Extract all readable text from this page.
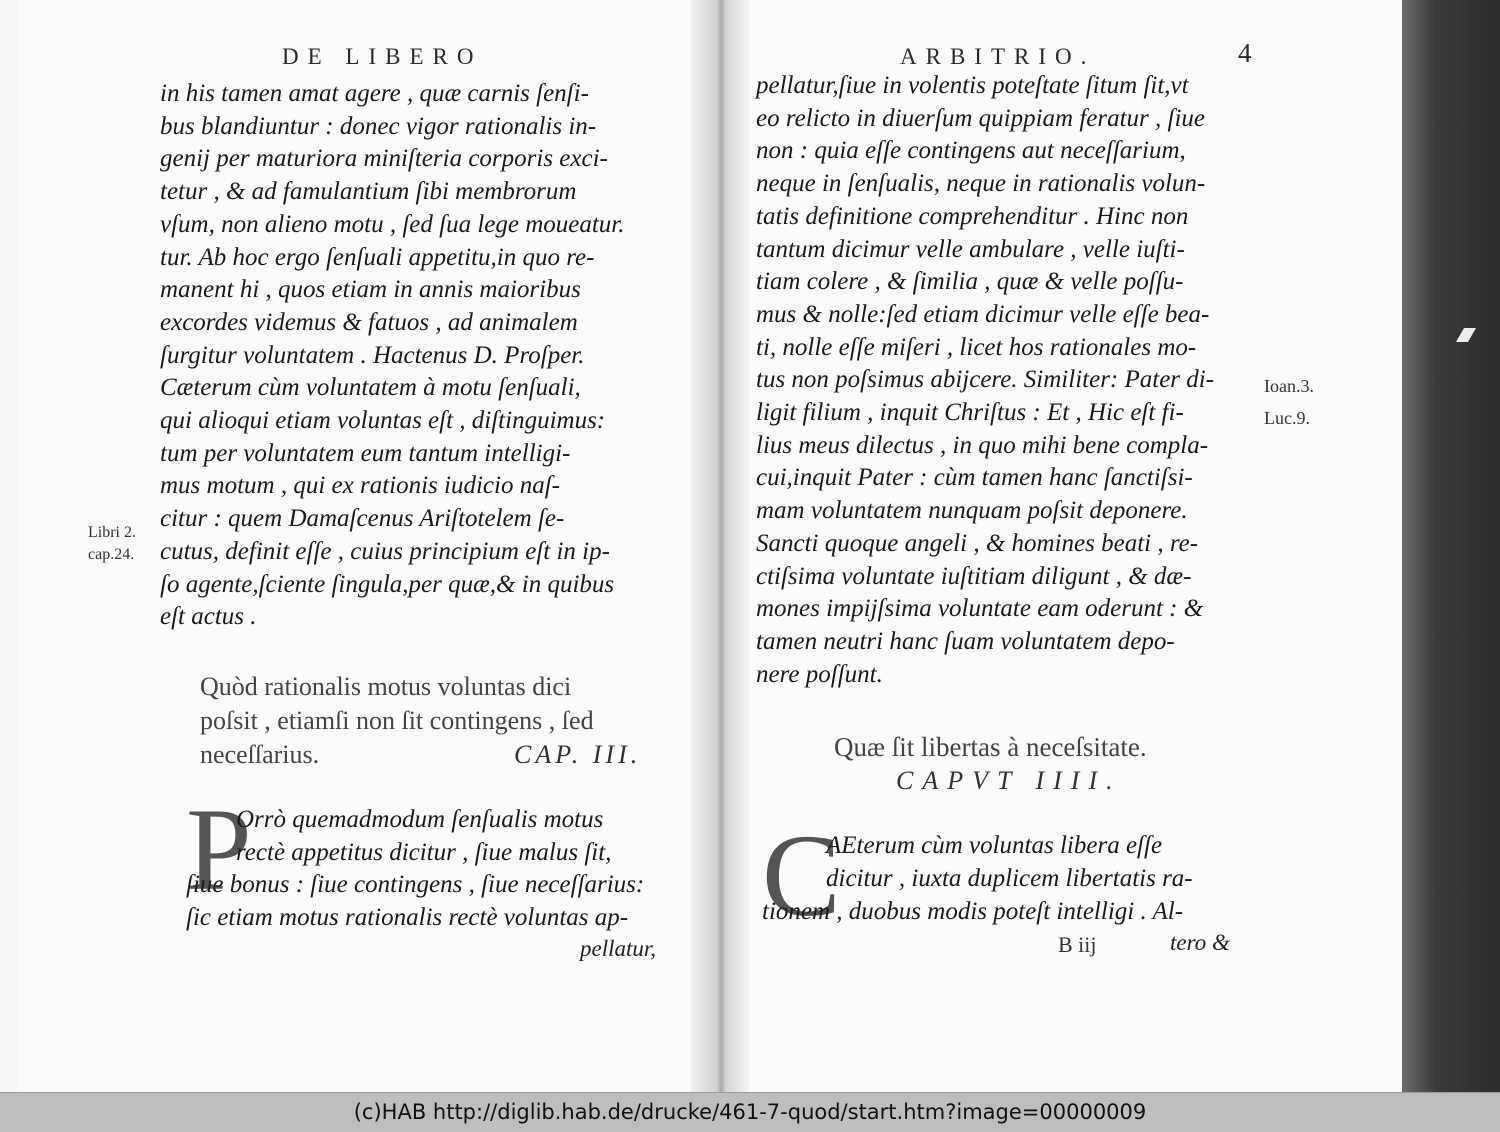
DE LIBERO
in his tamen amat agere , quæ carnis ſenſi-
bus blandiuntur : donec vigor rationalis in-
genij per maturiora miniſteria corporis exci-
tetur , & ad famulantium ſibi membrorum
vſum, non alieno motu , ſed ſua lege moueatur.
tur. Ab hoc ergo ſenſuali appetitu,in quo re-
manent hi , quos etiam in annis maioribus
excordes videmus & fatuos , ad animalem
ſurgitur voluntatem . Hactenus D. Proſper.
Cæterum cùm voluntatem à motu ſenſuali,
qui alioqui etiam voluntas eſt , diſtinguimus:
tum per voluntatem eum tantum intelligi-
mus motum , qui ex rationis iudicio naſ-
citur : quem Damaſcenus Ariſtotelem ſe-
cutus, definit eſſe , cuius principium eſt in ip-
ſo agente,ſciente ſingula,per quæ,& in quibus
eſt actus .
Libri 2.
cap.24.
Quòd rationalis motus voluntas dici
poſsit , etiamſi non ſit contingens , ſed
neceſſarius.	CAP. III.
P
Orrò quemadmodum ſenſualis motus
rectè appetitus dicitur , ſiue malus ſit,
ſiue bonus : ſiue contingens , ſiue neceſſarius:
ſic etiam motus rationalis rectè voluntas ap-
pellatur,
ARBITRIO.	4
pellatur,ſiue in volentis poteſtate ſitum ſit,vt
eo relicto in diuerſum quippiam feratur , ſiue
non : quia eſſe contingens aut neceſſarium,
neque in ſenſualis, neque in rationalis volun-
tatis definitione comprehenditur . Hinc non
tantum dicimur velle ambulare , velle iuſti-
tiam colere , & ſimilia , quæ & velle poſſu-
mus & nolle:ſed etiam dicimur velle eſſe bea-
ti, nolle eſſe miſeri , licet hos rationales mo-
tus non poſsimus abijcere. Similiter: Pater di-
ligit filium , inquit Chriſtus : Et , Hic eſt fi-
lius meus dilectus , in quo mihi bene compla-
cui,inquit Pater : cùm tamen hanc ſanctiſsi-
mam voluntatem nunquam poſsit deponere.
Sancti quoque angeli , & homines beati , re-
ctiſsima voluntate iuſtitiam diligunt , & dæ-
mones impijſsima voluntate eam oderunt : &
tamen neutri hanc ſuam voluntatem depo-
nere poſſunt.
Ioan.3.
Luc.9.
Quæ ſit libertas à neceſsitate.
CAPVT IIII.
C
AEterum cùm voluntas libera eſſe
dicitur , iuxta duplicem libertatis ra-
tionem , duobus modis poteſt intelligi . Al-
B iij	tero &
(c)HAB http://diglib.hab.de/drucke/461-7-quod/start.htm?image=00000009
